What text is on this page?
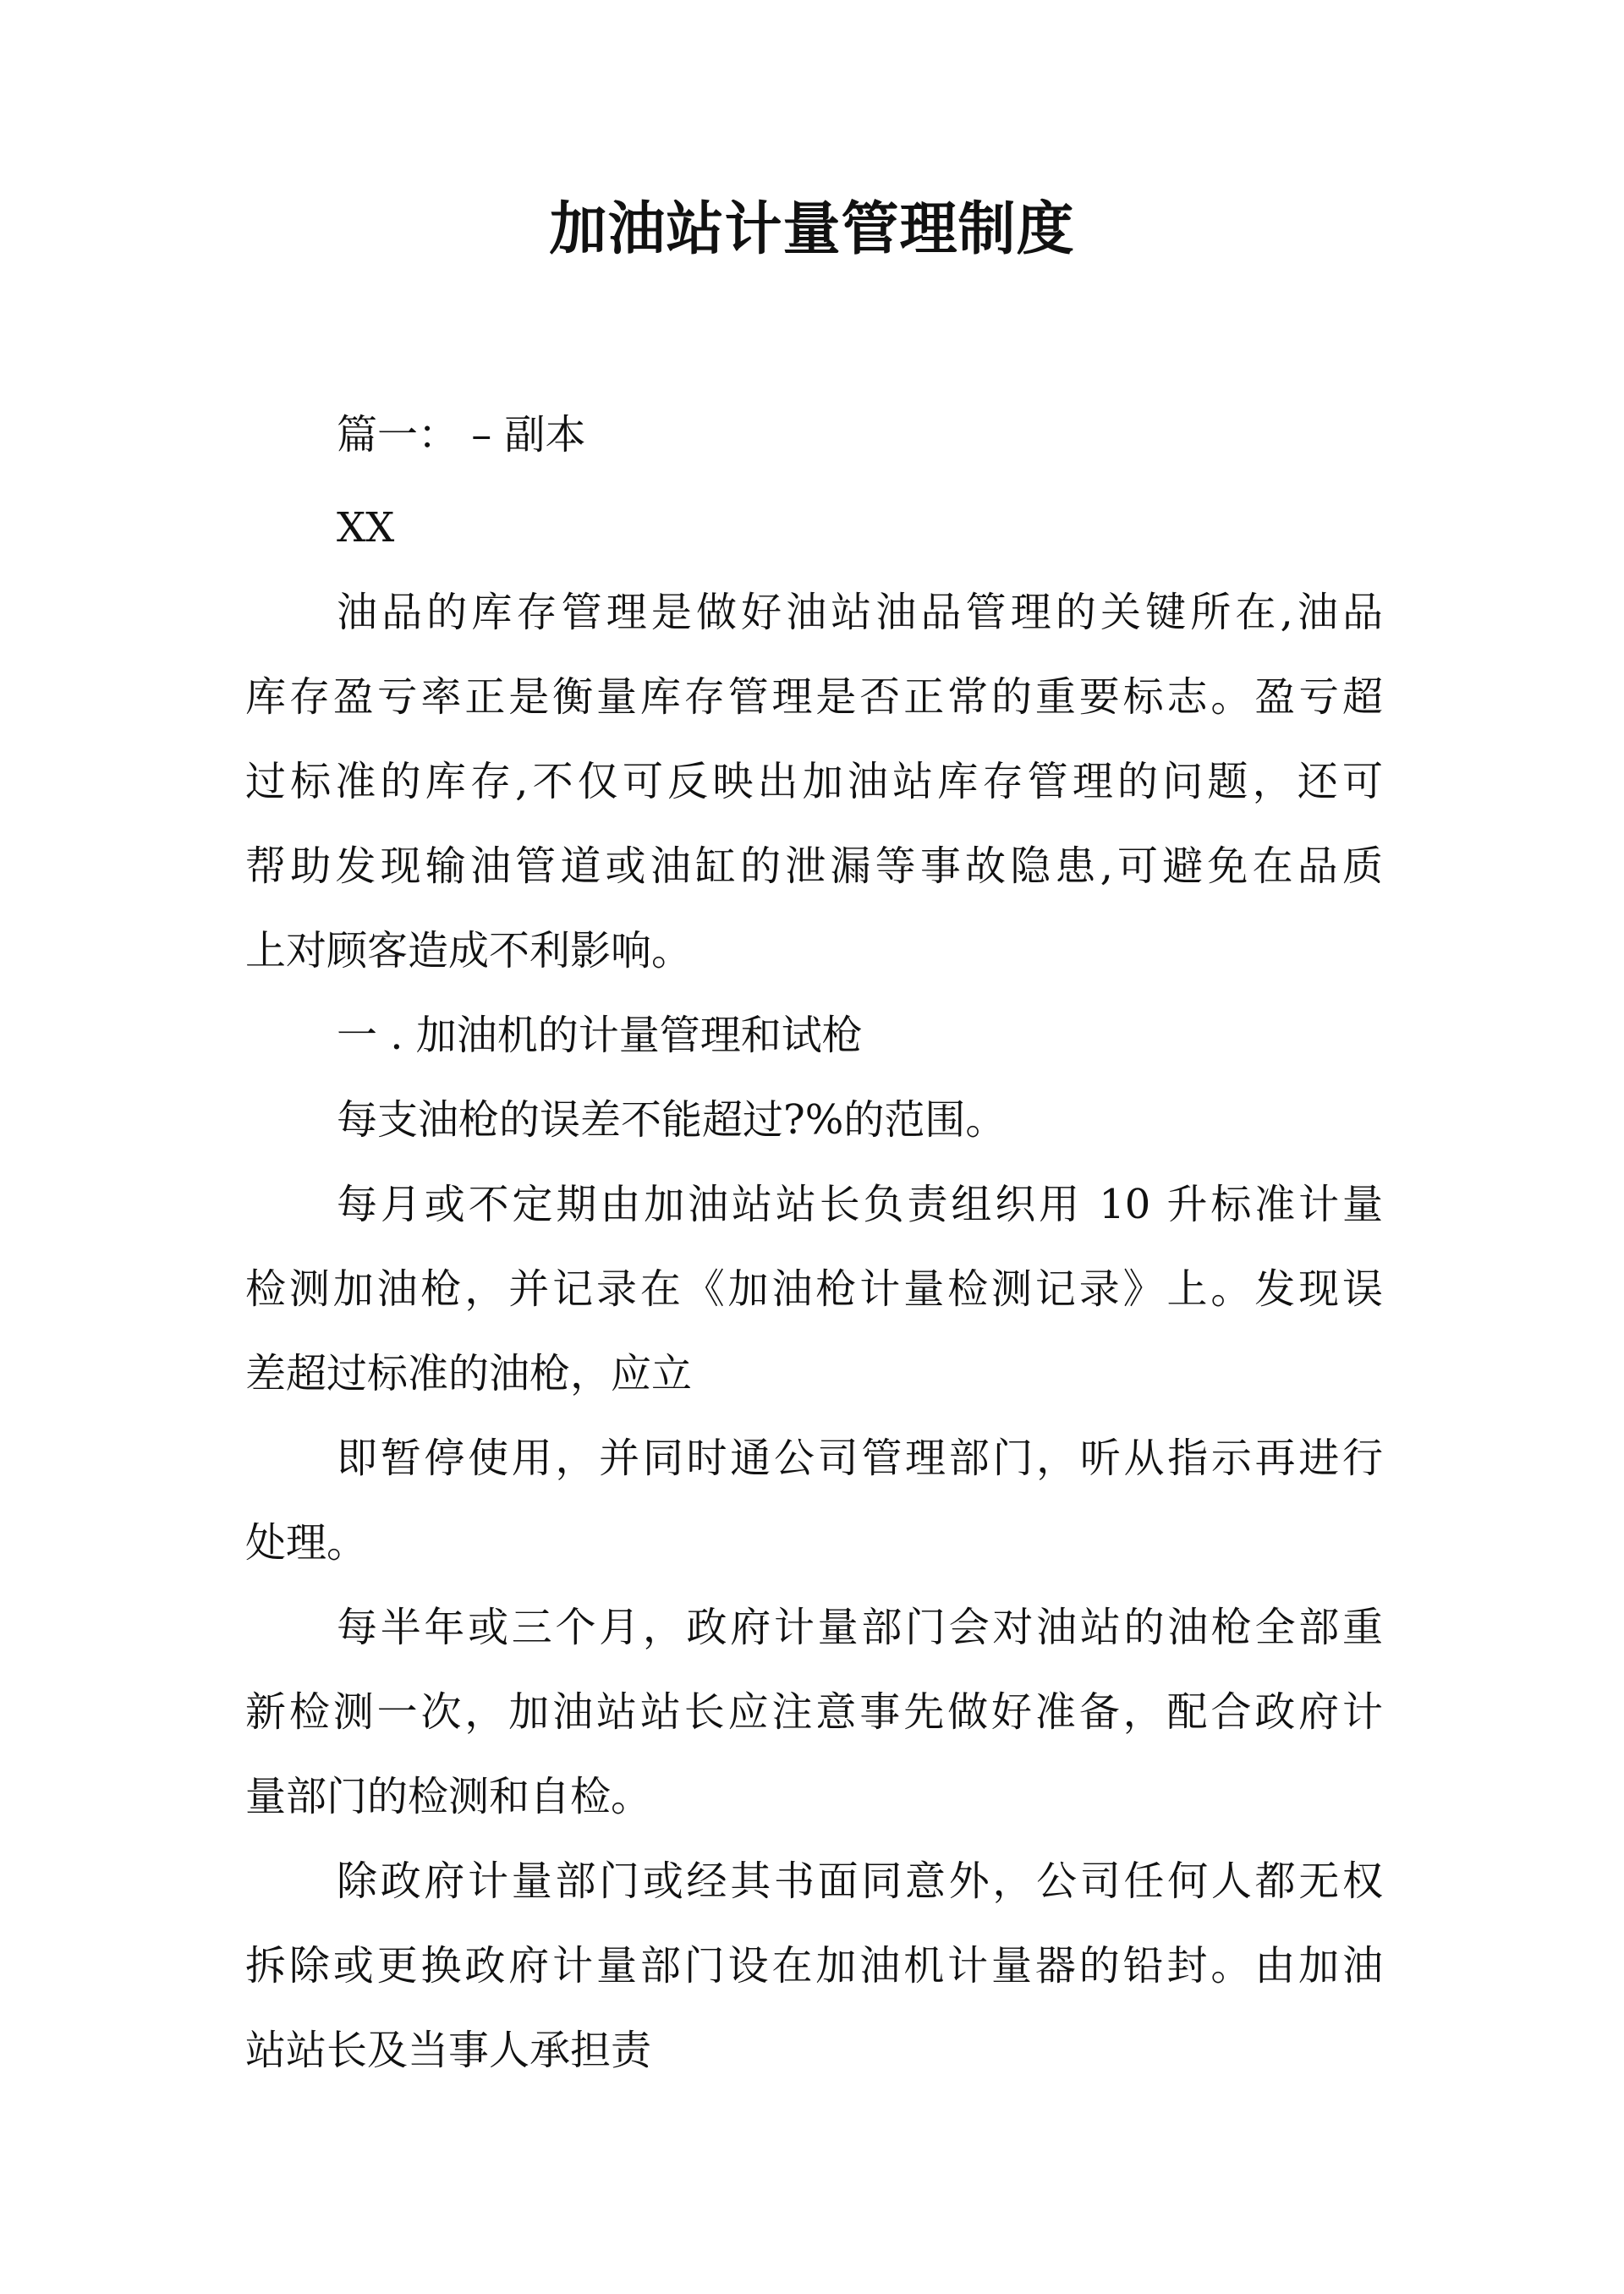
加油站计量管理制度
篇一： – 副本
XX
油品的库存管理是做好油站油品管理的关键所在,油品
库存盈亏率正是衡量库存管理是否正常的重要标志。盈亏超
过标准的库存,不仅可反映出加油站库存管理的问题，还可
帮助发现输油管道或油缸的泄漏等事故隐患,可避免在品质
上对顾客造成不利影响。
一 . 加油机的计量管理和试枪
每支油枪的误差不能超过?%的范围。
每月或不定期由加油站站长负责组织用 10 升标准计量
检测加油枪，并记录在《加油枪计量检测记录》上。发现误
差超过标准的油枪，应立
即暂停使用，并同时通公司管理部门，听从指示再进行
处理。
每半年或三个月，政府计量部门会对油站的油枪全部重
新检测一次，加油站站长应注意事先做好准备，配合政府计
量部门的检测和自检。
除政府计量部门或经其书面同意外，公司任何人都无权
拆除或更换政府计量部门设在加油机计量器的铅封。由加油
站站长及当事人承担责
